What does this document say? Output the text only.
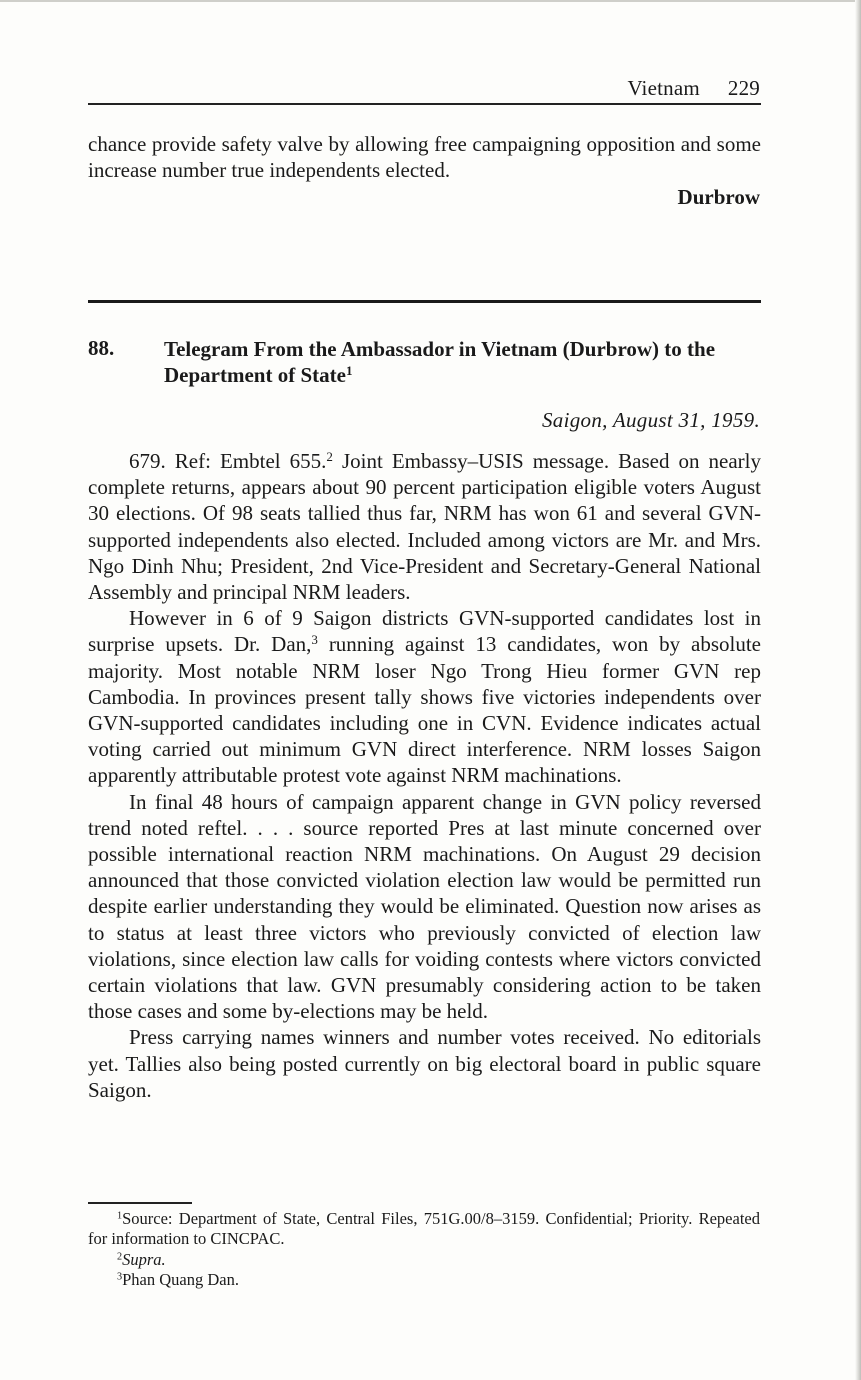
Vietnam 229

chance provide safety valve by allowing free campaigning opposition and some increase number true independents elected.

Durbrow
88. Telegram From the Ambassador in Vietnam (Durbrow) to the Department of State$^1$
Saigon, August 31, 1959.

679. Ref: Embtel 655.$^2$ Joint Embassy–USIS message. Based on nearly complete returns, appears about 90 percent participation eligible voters August 30 elections. Of 98 seats tallied thus far, NRM has won 61 and several GVN-supported independents also elected. Included among victors are Mr. and Mrs. Ngo Dinh Nhu; President, 2nd Vice-President and Secretary-General National Assembly and principal NRM leaders.

However in 6 of 9 Saigon districts GVN-supported candidates lost in surprise upsets. Dr. Dan,$^3$ running against 13 candidates, won by absolute majority. Most notable NRM loser Ngo Trong Hieu former GVN rep Cambodia. In provinces present tally shows five victories independents over GVN-supported candidates including one in CVN. Evidence indicates actual voting carried out minimum GVN direct interference. NRM losses Saigon apparently attributable protest vote against NRM machinations.

In final 48 hours of campaign apparent change in GVN policy reversed trend noted reftel. . . . source reported Pres at last minute concerned over possible international reaction NRM machinations. On August 29 decision announced that those convicted violation election law would be permitted run despite earlier understanding they would be eliminated. Question now arises as to status at least three victors who previously convicted of election law violations, since election law calls for voiding contests where victors convicted certain violations that law. GVN presumably considering action to be taken those cases and some by-elections may be held.

Press carrying names winners and number votes received. No editorials yet. Tallies also being posted currently on big electoral board in public square Saigon.

$^1$Source: Department of State, Central Files, 751G.00/8–3159. Confidential; Priority. Repeated for information to CINCPAC.

$^2$Supra.

$^3$Phan Quang Dan.
